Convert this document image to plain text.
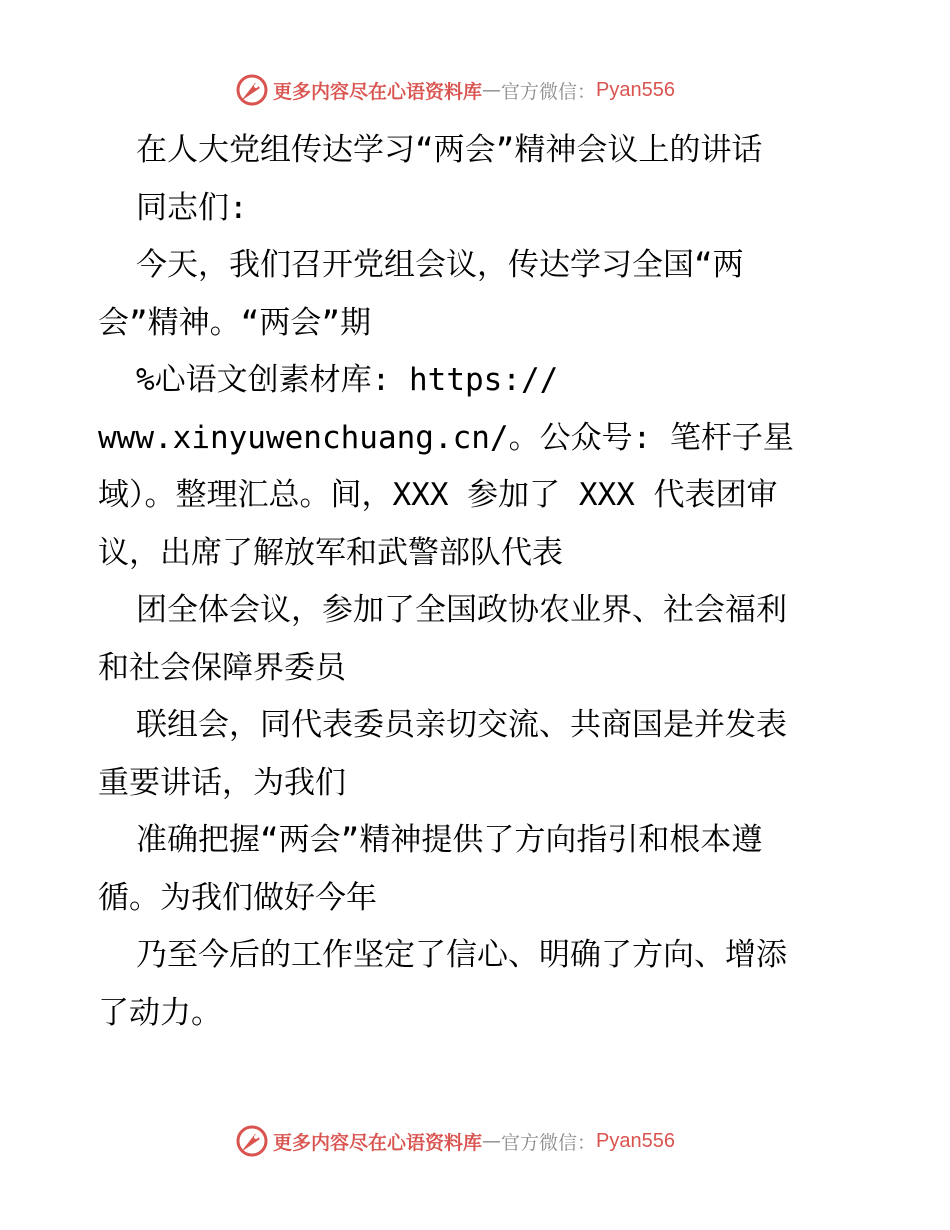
更多内容尽在心语资料库 — 官方微信： Pyan556
在人大党组传达学习“两会”精神会议上的讲话
同志们:
今天，我们召开党组会议，传达学习全国“两
会”精神。“两会”期
%心语文创素材库: https://
www.xinyuwenchuang.cn/。公众号: 笔杆子星
域）。整理汇总。间，XXX 参加了 XXX 代表团审
议，出席了解放军和武警部队代表
团全体会议，参加了全国政协农业界、社会福利
和社会保障界委员
联组会，同代表委员亲切交流、共商国是并发表
重要讲话，为我们
准确把握“两会”精神提供了方向指引和根本遵
循。为我们做好今年
乃至今后的工作坚定了信心、明确了方向、增添
了动力。
更多内容尽在心语资料库 — 官方微信： Pyan556
